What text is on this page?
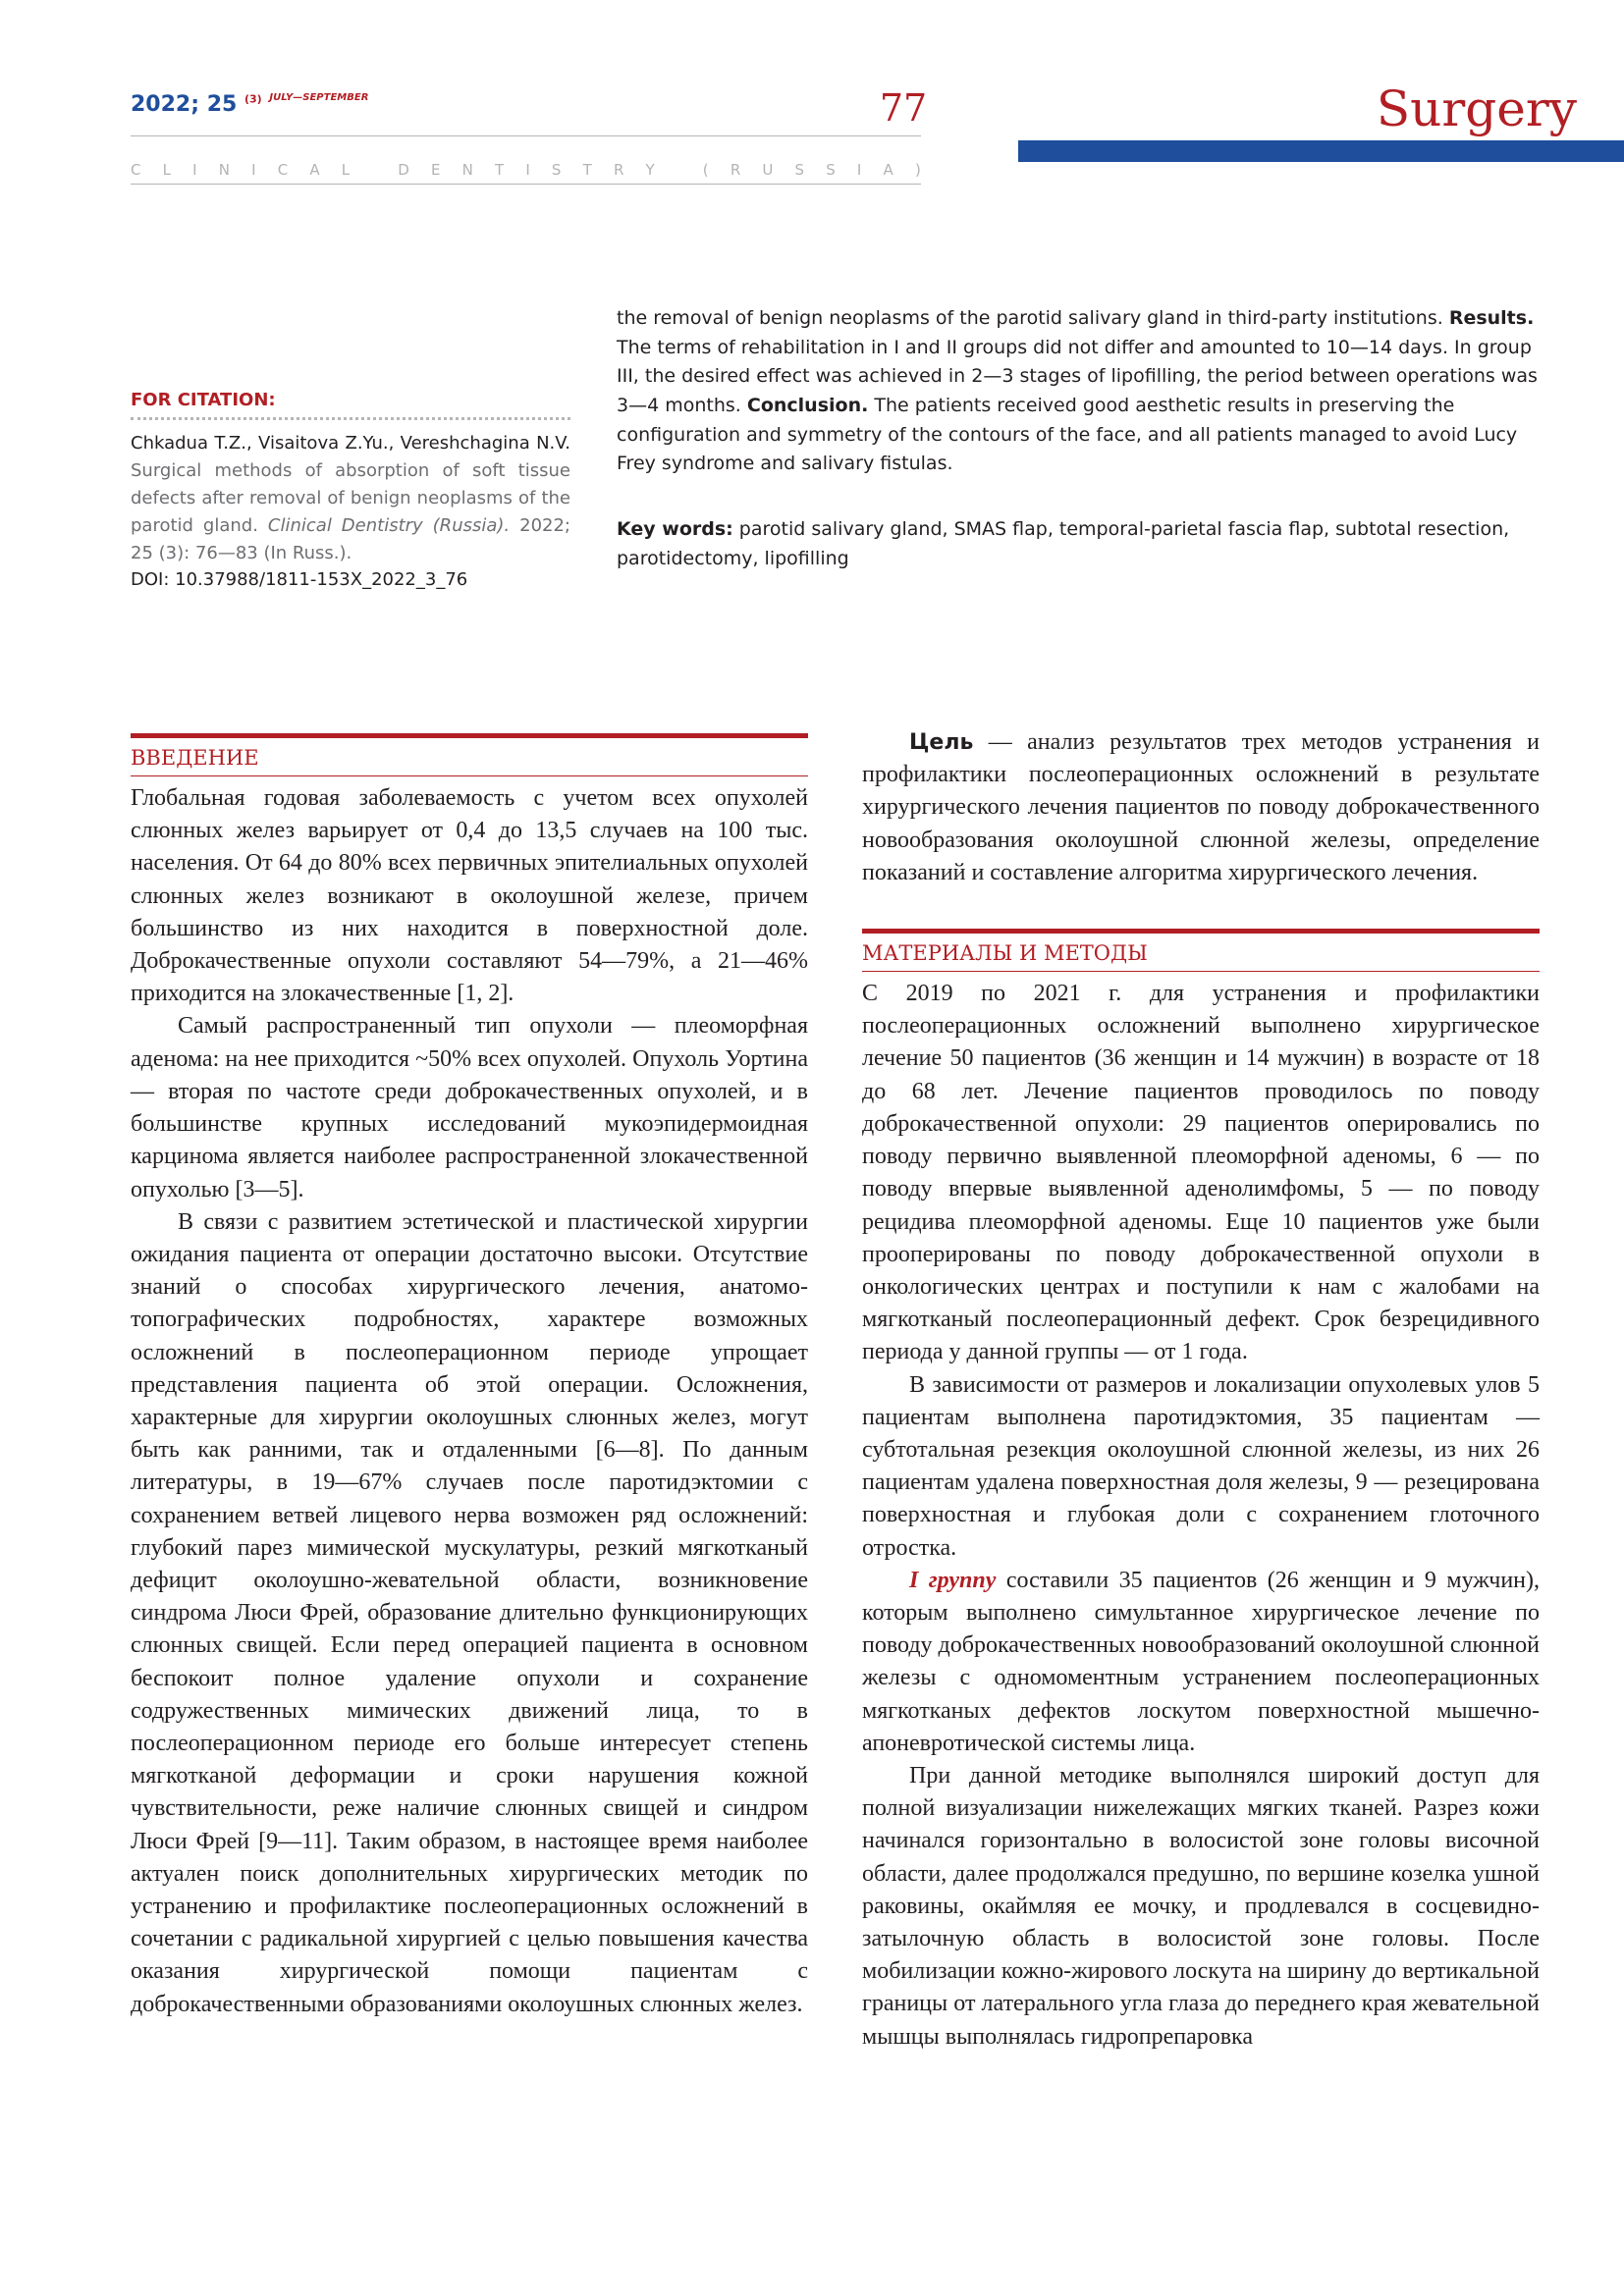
2022; 25 $^{(3)}$ $^{JULY—SEPTEMBER}$	77
C L I N I C A L
	D E N T I S T R Y
	( R U S S I A )
Surgery
FOR CITATION:
Chkadua T.Z., Visaitova Z.Yu., Vereshchagina N.V. Surgical methods of absorption of soft tissue defects after removal of benign neoplasms of the parotid gland. Clinical Dentistry (Russia). 2022; 25 (3): 76—83 (In Russ.).
DOI: 10.37988/1811-153X_2022_3_76
the removal of benign neoplasms of the parotid salivary gland in third-party institutions. Results. The terms of rehabilitation in I and II groups did not differ and amounted to 10—14 days. In group III, the desired effect was achieved in 2—3 stages of lipofilling, the period between operations was 3—4 months. Conclusion. The patients received good aesthetic results in preserving the configuration and symmetry of the contours of the face, and all patients managed to avoid Lucy Frey syndrome and salivary fistulas.
Key words: parotid salivary gland, SMAS flap, temporal-parietal fascia flap, subtotal resection, parotidectomy, lipofilling
ВВЕДЕНИЕ

Глобальная годовая заболеваемость с учетом всех опухолей слюнных желез варьирует от 0,4 до 13,5 случаев на 100 тыс. населения. От 64 до 80% всех первичных эпителиальных опухолей слюнных желез возникают в околоушной железе, причем большинство из них находится в поверхностной доле. Доброкачественные опухоли составляют 54—79%, а 21—46% приходится на злокачественные [1, 2].

Самый распространенный тип опухоли — плеоморфная аденома: на нее приходится ~50% всех опухолей. Опухоль Уортина — вторая по частоте среди доброкачественных опухолей, и в большинстве крупных исследований мукоэпидермоидная карцинома является наиболее распространенной злокачественной опухолью [3—5].

В связи с развитием эстетической и пластической хирургии ожидания пациента от операции достаточно высоки. Отсутствие знаний о способах хирургического лечения, анатомо-топографических подробностях, характере возможных осложнений в послеоперационном периоде упрощает представления пациента об этой операции. Осложнения, характерные для хирургии околоушных слюнных желез, могут быть как ранними, так и отдаленными [6—8]. По данным литературы, в 19—67% случаев после паротидэктомии с сохранением ветвей лицевого нерва возможен ряд осложнений: глубокий парез мимической мускулатуры, резкий мягкотканый дефицит околоушно-жевательной области, возникновение синдрома Люси Фрей, образование длительно функционирующих слюнных свищей. Если перед операцией пациента в основном беспокоит полное удаление опухоли и сохранение содружественных мимических движений лица, то в послеоперационном периоде его больше интересует степень мягкотканой деформации и сроки нарушения кожной чувствительности, реже наличие слюнных свищей и синдром Люси Фрей [9—11]. Таким образом, в настоящее время наиболее актуален поиск дополнительных хирургических методик по устранению и профилактике послеоперационных осложнений в сочетании с радикальной хирургией с целью повышения качества оказания хирургической помощи пациентам с доброкачественными образованиями околоушных слюнных желез.

Цель — анализ результатов трех методов устранения и профилактики послеоперационных осложнений в результате хирургического лечения пациентов по поводу доброкачественного новообразования околоушной слюнной железы, определение показаний и составление алгоритма хирургического лечения.

МАТЕРИАЛЫ И МЕТОДЫ

С 2019 по 2021 г. для устранения и профилактики послеоперационных осложнений выполнено хирургическое лечение 50 пациентов (36 женщин и 14 мужчин) в возрасте от 18 до 68 лет. Лечение пациентов проводилось по поводу доброкачественной опухоли: 29 пациентов оперировались по поводу первично выявленной плеоморфной аденомы, 6 — по поводу впервые выявленной аденолимфомы, 5 — по поводу рецидива плеоморфной аденомы. Еще 10 пациентов уже были прооперированы по поводу доброкачественной опухоли в онкологических центрах и поступили к нам с жалобами на мягкотканый послеоперационный дефект. Срок безрецидивного периода у данной группы — от 1 года.

В зависимости от размеров и локализации опухолевых улов 5 пациентам выполнена паротидэктомия, 35 пациентам — субтотальная резекция околоушной слюнной железы, из них 26 пациентам удалена поверхностная доля железы, 9 — резецирована поверхностная и глубокая доли с сохранением глоточного отростка.

I группу составили 35 пациентов (26 женщин и 9 мужчин), которым выполнено симультанное хирургическое лечение по поводу доброкачественных новообразований околоушной слюнной железы с одномоментным устранением послеоперационных мягкотканых дефектов лоскутом поверхностной мышечно-апоневротической системы лица.

При данной методике выполнялся широкий доступ для полной визуализации нижележащих мягких тканей. Разрез кожи начинался горизонтально в волосистой зоне головы височной области, далее продолжался предушно, по вершине козелка ушной раковины, окаймляя ее мочку, и продлевался в сосцевидно-затылочную область в волосистой зоне головы. После мобилизации кожно-жирового лоскута на ширину до вертикальной границы от латерального угла глаза до переднего края жевательной мышцы выполнялась гидропрепаровка
